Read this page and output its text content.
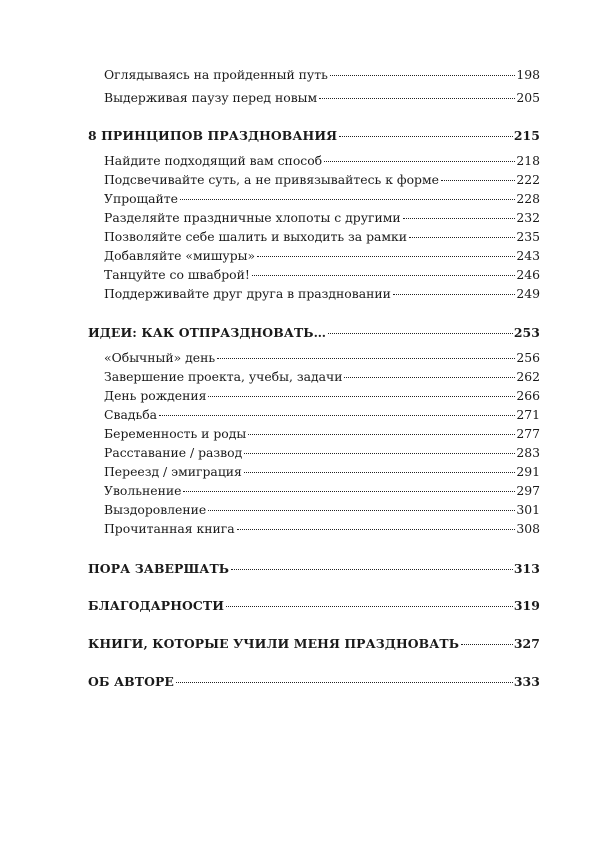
Оглядываясь на пройденный путь	198
Выдерживая паузу перед новым	205
8 ПРИНЦИПОВ ПРАЗДНОВАНИЯ	215
Найдите подходящий вам способ	218
Подсвечивайте суть, а не привязывайтесь к форме	222
Упрощайте	228
Разделяйте праздничные хлопоты с другими	232
Позволяйте себе шалить и выходить за рамки	235
Добавляйте «мишуры»	243
Танцуйте со шваброй!	246
Поддерживайте друг друга в праздновании	249
ИДЕИ: КАК ОТПРАЗДНОВАТЬ…	253
«Обычный» день	256
Завершение проекта, учебы, задачи	262
День рождения	266
Свадьба	271
Беременность и роды	277
Расставание / развод	283
Переезд / эмиграция	291
Увольнение	297
Выздоровление	301
Прочитанная книга	308
ПОРА ЗАВЕРШАТЬ	313
БЛАГОДАРНОСТИ	319
КНИГИ, КОТОРЫЕ УЧИЛИ МЕНЯ ПРАЗДНОВАТЬ	327
ОБ АВТОРЕ	333
